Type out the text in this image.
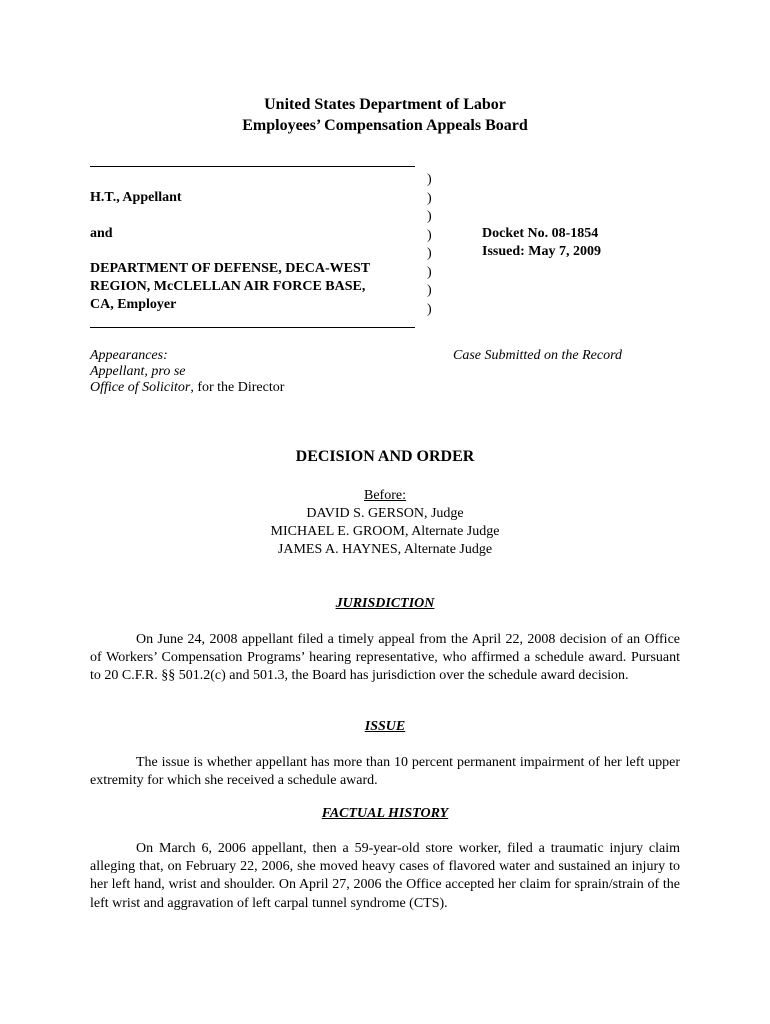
United States Department of Labor
Employees’ Compensation Appeals Board
)
)
)
)
)
)
)
)
H.T., Appellant
and
DEPARTMENT OF DEFENSE, DECA-WEST
REGION, McCLELLAN AIR FORCE BASE,
CA, Employer
Docket No. 08-1854
Issued: May 7, 2009
Appearances:
Appellant, pro se
Office of Solicitor, for the Director
Case Submitted on the Record
DECISION AND ORDER
Before:
DAVID S. GERSON, Judge
MICHAEL E. GROOM, Alternate Judge
JAMES A. HAYNES, Alternate Judge
JURISDICTION
On June 24, 2008 appellant filed a timely appeal from the April 22, 2008 decision of an Office of Workers’ Compensation Programs’ hearing representative, who affirmed a schedule award. Pursuant to 20 C.F.R. §§ 501.2(c) and 501.3, the Board has jurisdiction over the schedule award decision.
ISSUE
The issue is whether appellant has more than 10 percent permanent impairment of her left upper extremity for which she received a schedule award.
FACTUAL HISTORY
On March 6, 2006 appellant, then a 59-year-old store worker, filed a traumatic injury claim alleging that, on February 22, 2006, she moved heavy cases of flavored water and sustained an injury to her left hand, wrist and shoulder. On April 27, 2006 the Office accepted her claim for sprain/strain of the left wrist and aggravation of left carpal tunnel syndrome (CTS).
